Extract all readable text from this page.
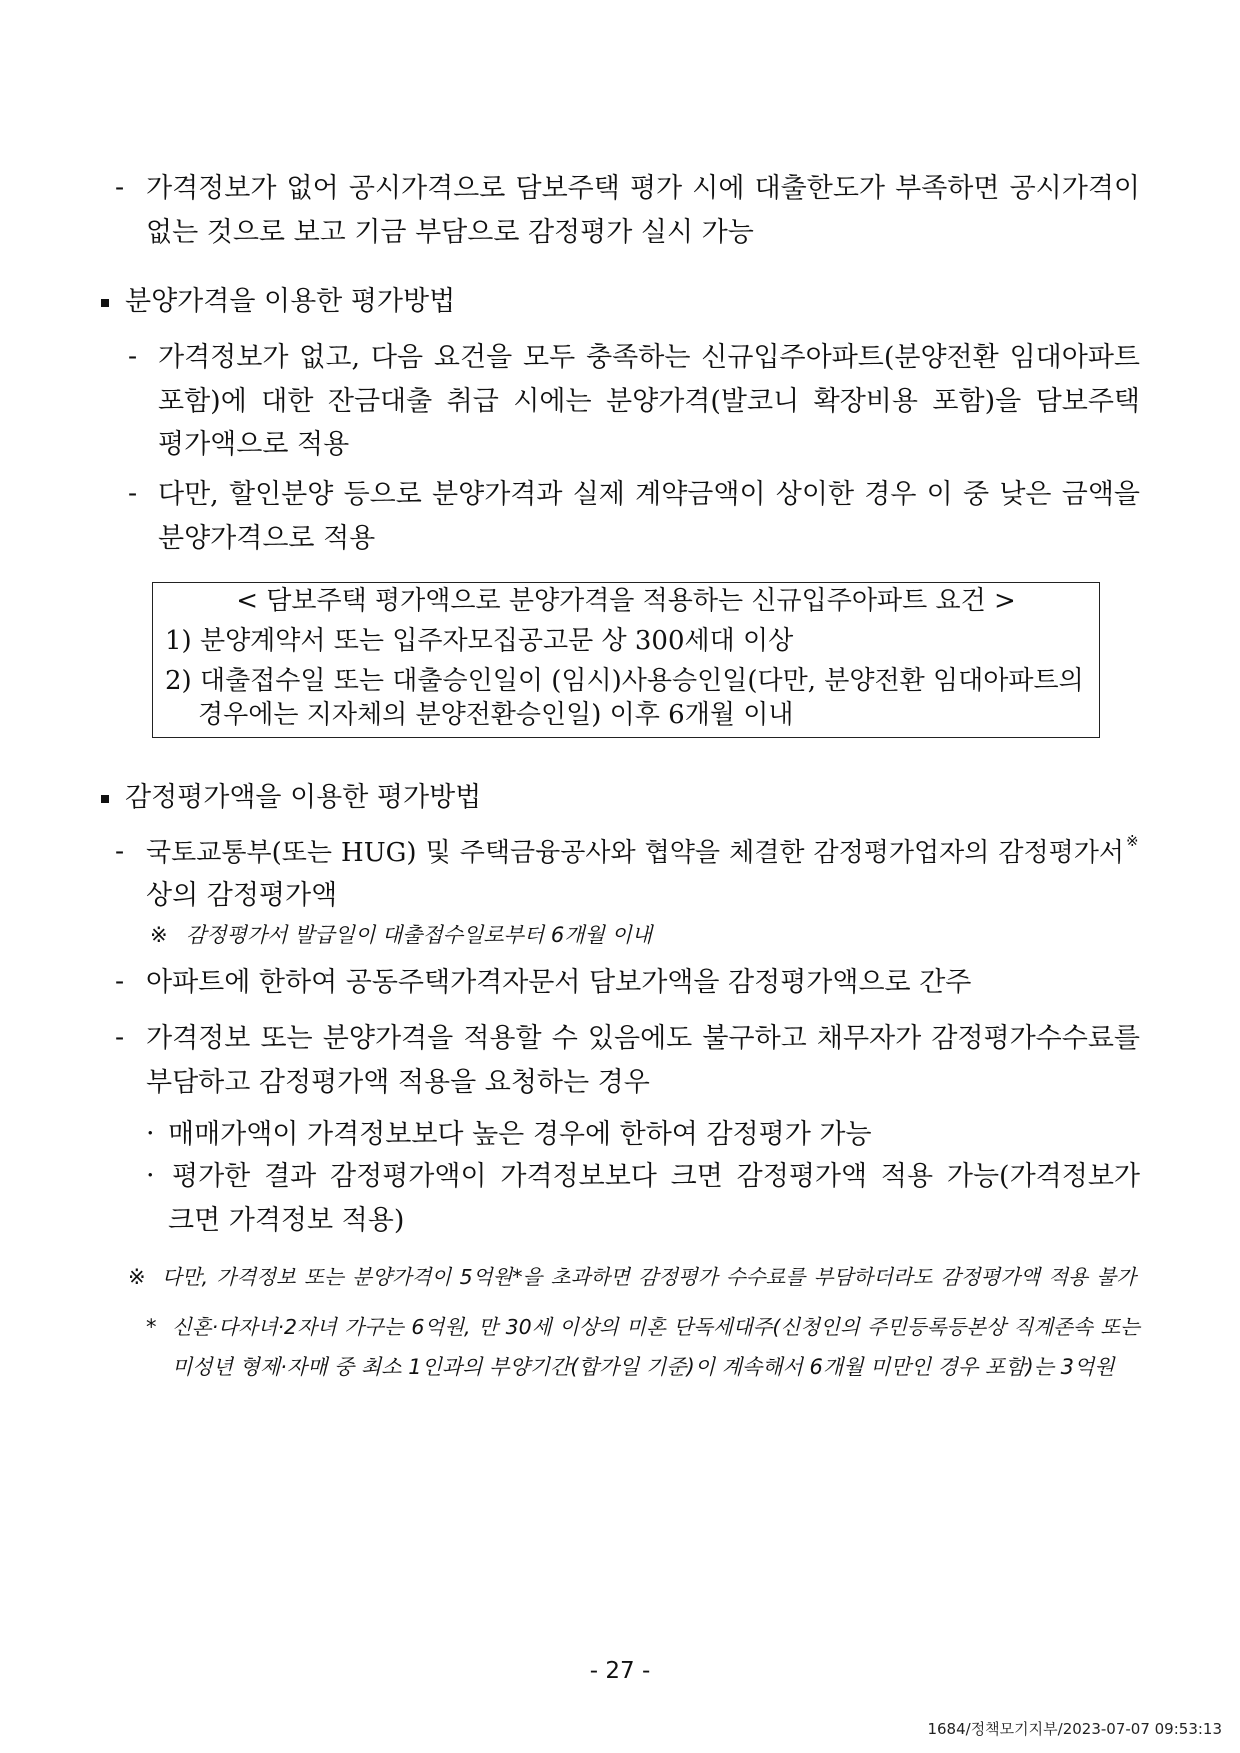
- 가격정보가 없어 공시가격으로 담보주택 평가 시에 대출한도가 부족하면 공시가격이
없는 것으로 보고 기금 부담으로 감정평가 실시 가능
분양가격을 이용한 평가방법
- 가격정보가 없고, 다음 요건을 모두 충족하는 신규입주아파트(분양전환 임대아파트
포함)에 대한 잔금대출 취급 시에는 분양가격(발코니 확장비용 포함)을 담보주택
평가액으로 적용
- 다만, 할인분양 등으로 분양가격과 실제 계약금액이 상이한 경우 이 중 낮은 금액을
분양가격으로 적용
< 담보주택 평가액으로 분양가격을 적용하는 신규입주아파트 요건 >
1) 분양계약서 또는 입주자모집공고문 상 300세대 이상
2) 대출접수일 또는 대출승인일이 (임시)사용승인일(다만, 분양전환 임대아파트의
경우에는 지자체의 분양전환승인일) 이후 6개월 이내
감정평가액을 이용한 평가방법
- 국토교통부(또는 HUG) 및 주택금융공사와 협약을 체결한 감정평가업자의 감정평가서 ※
상의 감정평가액
※ 감정평가서 발급일이 대출접수일로부터 6개월 이내
- 아파트에 한하여 공동주택가격자문서 담보가액을 감정평가액으로 간주
- 가격정보 또는 분양가격을 적용할 수 있음에도 불구하고 채무자가 감정평가수수료를
부담하고 감정평가액 적용을 요청하는 경우
· 매매가액이 가격정보보다 높은 경우에 한하여 감정평가 가능
· 평가한 결과 감정평가액이 가격정보보다 크면 감정평가액 적용 가능(가격정보가
크면 가격정보 적용)
※ 다만, 가격정보 또는 분양가격이 5억원*을 초과하면 감정평가 수수료를 부담하더라도 감정평가액 적용 불가
* 신혼·다자녀·2자녀 가구는 6억원, 만 30세 이상의 미혼 단독세대주(신청인의 주민등록등본상 직계존속 또는
미성년 형제·자매 중 최소 1인과의 부양기간(합가일 기준)이 계속해서 6개월 미만인 경우 포함)는 3억원
- 27 -
1684/정책모기지부/2023-07-07 09:53:13
